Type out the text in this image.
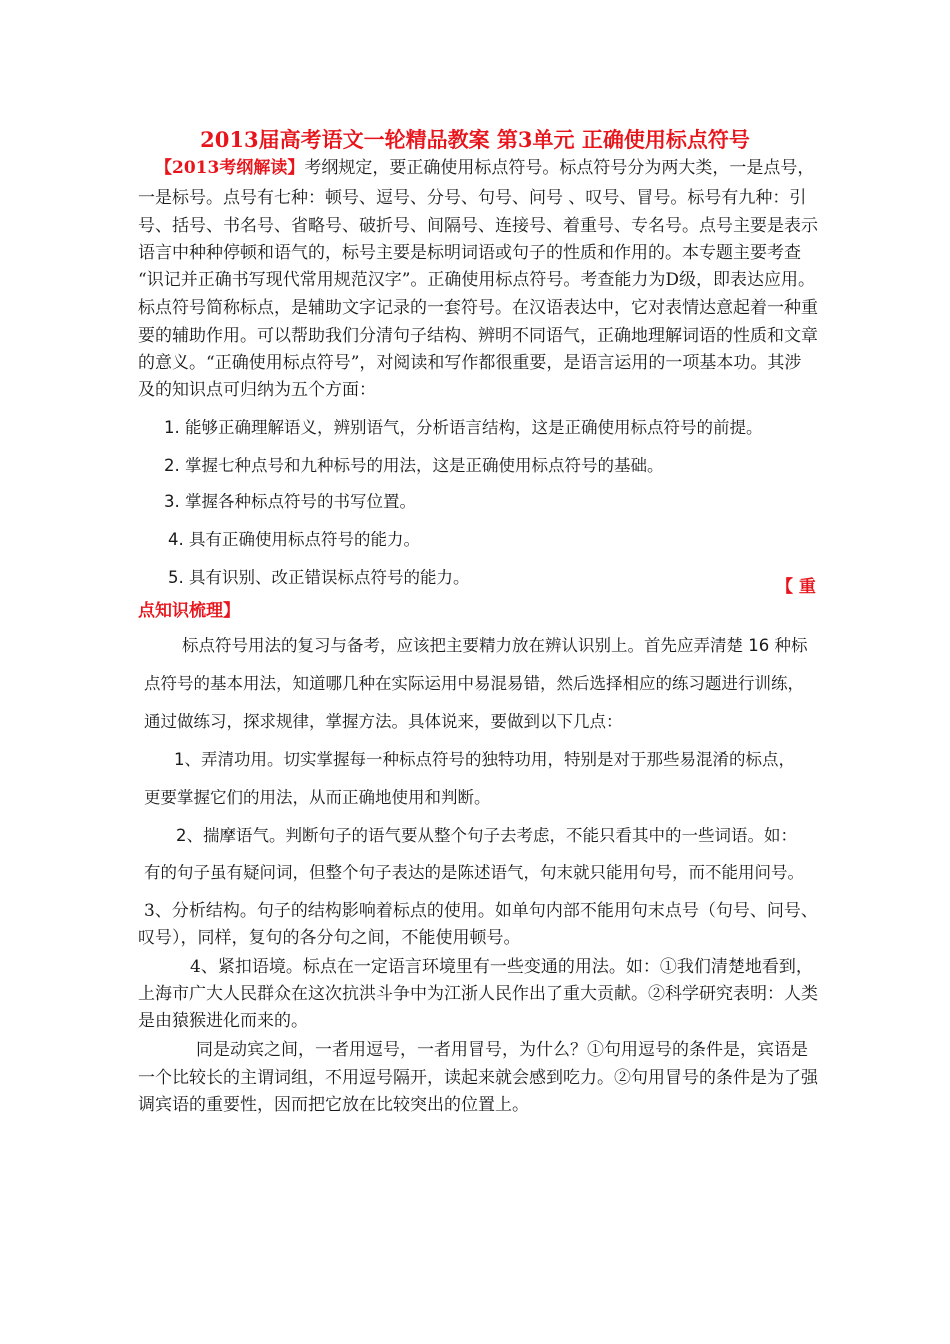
2013届高考语文一轮精品教案 第3单元 正确使用标点符号
【2013考纲解读】考纲规定，要正确使用标点符号。标点符号分为两大类，一是点号，
一是标号。点号有七种：顿号、逗号、分号、句号、问号 、叹号、冒号。标号有九种：引
号、括号、书名号、省略号、破折号、间隔号、连接号、着重号、专名号。点号主要是表示
语言中种种停顿和语气的，标号主要是标明词语或句子的性质和作用的。本专题主要考查
“识记并正确书写现代常用规范汉字”。正确使用标点符号。考查能力为D级，即表达应用。
标点符号简称标点，是辅助文字记录的一套符号。在汉语表达中，它对表情达意起着一种重
要的辅助作用。可以帮助我们分清句子结构、辨明不同语气，正确地理解词语的性质和文章
的意义。“正确使用标点符号”，对阅读和写作都很重要，是语言运用的一项基本功。其涉
及的知识点可归纳为五个方面：
1. 能够正确理解语义，辨别语气，分析语言结构，这是正确使用标点符号的前提。
2. 掌握七种点号和九种标号的用法，这是正确使用标点符号的基础。
3. 掌握各种标点符号的书写位置。
4. 具有正确使用标点符号的能力。
5. 具有识别、改正错误标点符号的能力。	【 重
点知识梳理】
标点符号用法的复习与备考，应该把主要精力放在辨认识别上。首先应弄清楚 16 种标
点符号的基本用法，知道哪几种在实际运用中易混易错，然后选择相应的练习题进行训练，
通过做练习，探求规律，掌握方法。具体说来，要做到以下几点：
1、弄清功用。切实掌握每一种标点符号的独特功用，特别是对于那些易混淆的标点，
更要掌握它们的用法，从而正确地使用和判断。
2、揣摩语气。判断句子的语气要从整个句子去考虑，不能只看其中的一些词语。如：
有的句子虽有疑问词，但整个句子表达的是陈述语气，句末就只能用句号，而不能用问号。
3、分析结构。句子的结构影响着标点的使用。如单句内部不能用句末点号（句号、问号、
叹号），同样，复句的各分句之间，不能使用顿号。
4、紧扣语境。标点在一定语言环境里有一些变通的用法。如：①我们清楚地看到，
上海市广大人民群众在这次抗洪斗争中为江浙人民作出了重大贡献。②科学研究表明：人类
是由猿猴进化而来的。
同是动宾之间，一者用逗号，一者用冒号，为什么？①句用逗号的条件是，宾语是
一个比较长的主谓词组，不用逗号隔开，读起来就会感到吃力。②句用冒号的条件是为了强
调宾语的重要性，因而把它放在比较突出的位置上。
